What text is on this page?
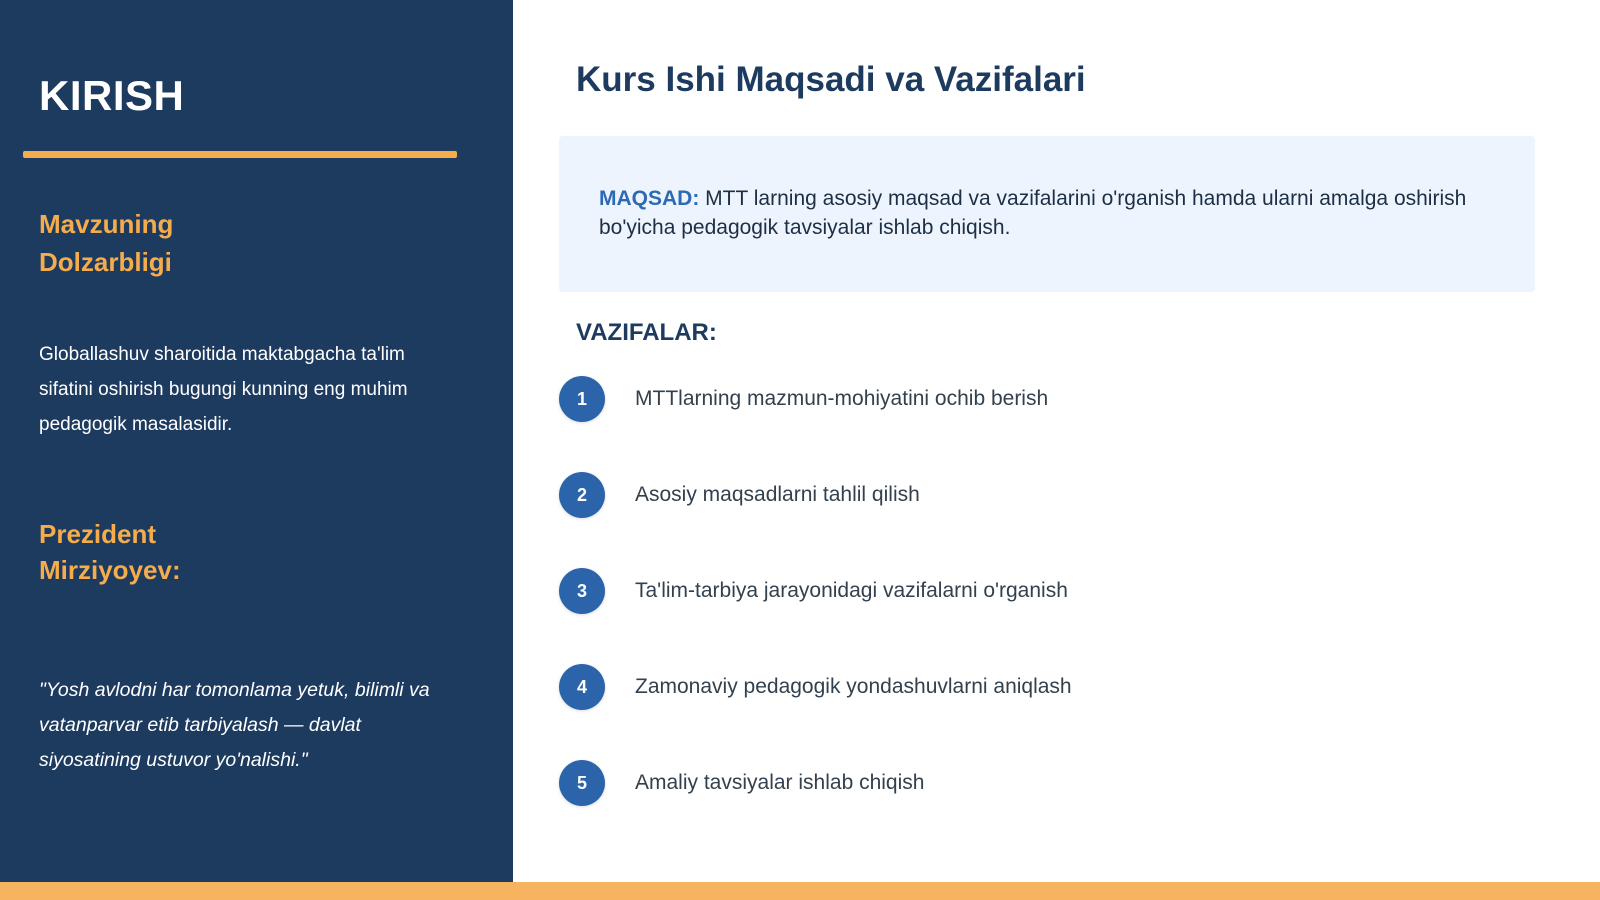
KIRISH
Mavzuning Dolzarbligi

Globallashuv sharoitida maktabgacha ta'lim sifatini oshirish bugungi kunning eng muhim pedagogik masalasidir.

Prezident Mirziyoyev:

"Yosh avlodni har tomonlama yetuk, bilimli va vatanparvar etib tarbiyalash — davlat siyosatining ustuvor yo'nalishi."

Kurs Ishi Maqsadi va Vazifalari

MAQSAD: MTT larning asosiy maqsad va vazifalarini o'rganish hamda ularni amalga oshirish bo'yicha pedagogik tavsiyalar ishlab chiqish.

VAZIFALAR:
1	MTTlarning mazmun-mohiyatini ochib berish
2	Asosiy maqsadlarni tahlil qilish
3	Ta'lim-tarbiya jarayonidagi vazifalarni o'rganish
4	Zamonaviy pedagogik yondashuvlarni aniqlash
5	Amaliy tavsiyalar ishlab chiqish
